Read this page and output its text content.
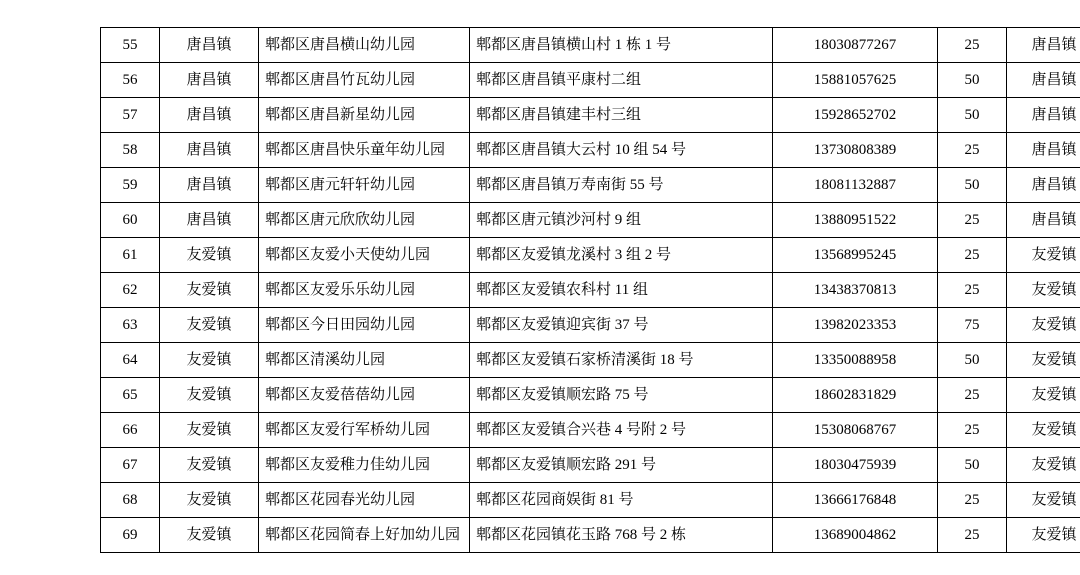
55	唐昌镇	郫都区唐昌横山幼儿园	郫都区唐昌镇横山村 1 栋 1 号	18030877267	25	唐昌镇
56	唐昌镇	郫都区唐昌竹瓦幼儿园	郫都区唐昌镇平康村二组	15881057625	50	唐昌镇
57	唐昌镇	郫都区唐昌新星幼儿园	郫都区唐昌镇建丰村三组	15928652702	50	唐昌镇
58	唐昌镇	郫都区唐昌快乐童年幼儿园	郫都区唐昌镇大云村 10 组 54 号	13730808389	25	唐昌镇
59	唐昌镇	郫都区唐元轩轩幼儿园	郫都区唐昌镇万寿南街 55 号	18081132887	50	唐昌镇
60	唐昌镇	郫都区唐元欣欣幼儿园	郫都区唐元镇沙河村 9 组	13880951522	25	唐昌镇
61	友爱镇	郫都区友爱小天使幼儿园	郫都区友爱镇龙溪村 3 组 2 号	13568995245	25	友爱镇
62	友爱镇	郫都区友爱乐乐幼儿园	郫都区友爱镇农科村 11 组	13438370813	25	友爱镇
63	友爱镇	郫都区今日田园幼儿园	郫都区友爱镇迎宾街 37 号	13982023353	75	友爱镇
64	友爱镇	郫都区清溪幼儿园	郫都区友爱镇石家桥清溪街 18 号	13350088958	50	友爱镇
65	友爱镇	郫都区友爱蓓蓓幼儿园	郫都区友爱镇顺宏路 75 号	18602831829	25	友爱镇
66	友爱镇	郫都区友爱行军桥幼儿园	郫都区友爱镇合兴巷 4 号附 2 号	15308068767	25	友爱镇
67	友爱镇	郫都区友爱稚力佳幼儿园	郫都区友爱镇顺宏路 291 号	18030475939	50	友爱镇
68	友爱镇	郫都区花园春光幼儿园	郫都区花园商娱街 81 号	13666176848	25	友爱镇
69	友爱镇	郫都区花园简春上好加幼儿园	郫都区花园镇花玉路 768 号 2 栋	13689004862	25	友爱镇
